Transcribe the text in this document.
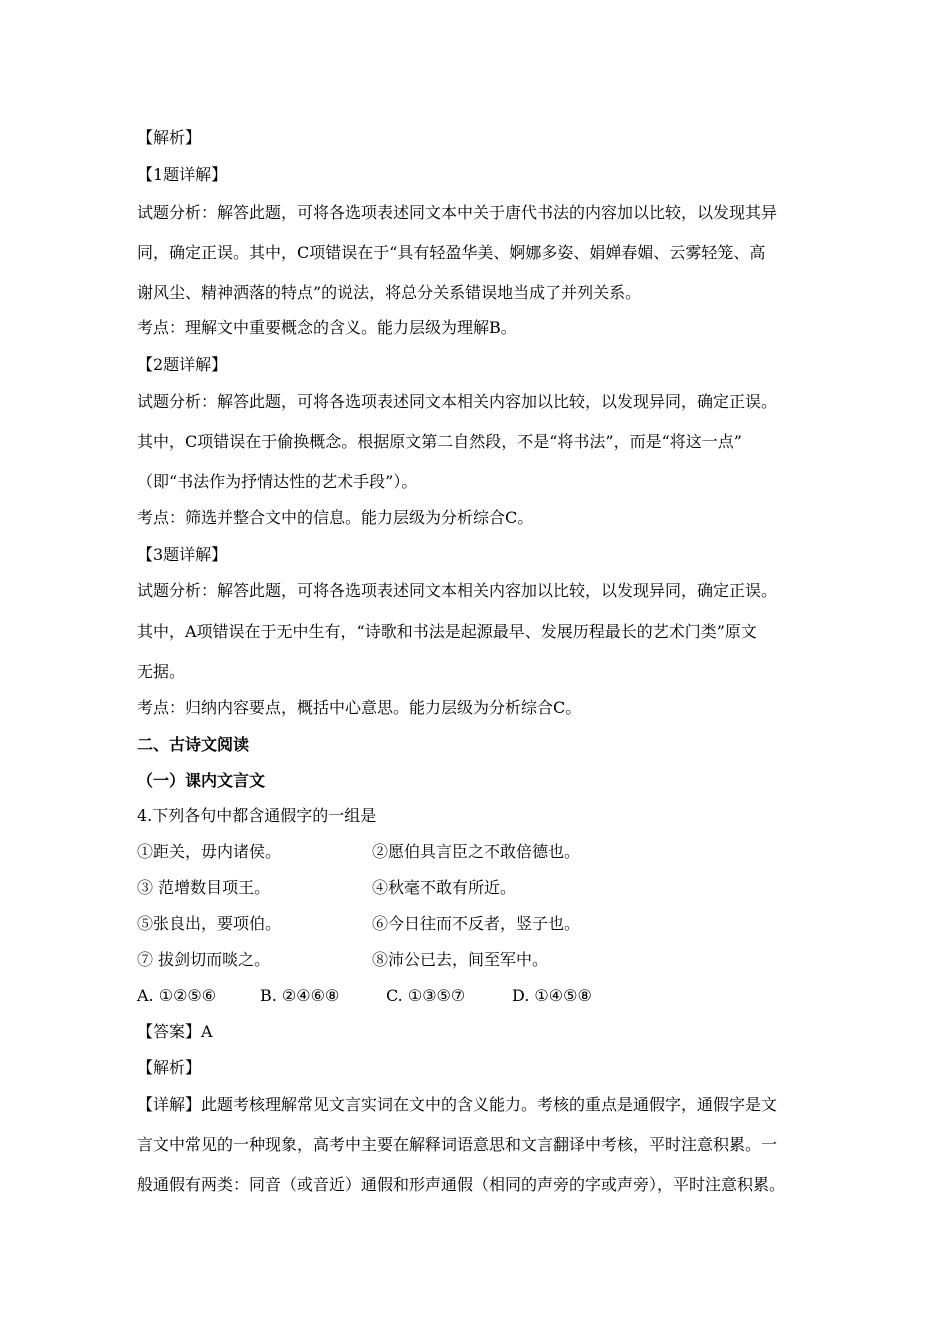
【解析】
【1题详解】
试题分析：解答此题，可将各选项表述同文本中关于唐代书法的内容加以比较，以发现其异
同，确定正误。其中，C项错误在于“具有轻盈华美、婀娜多姿、娟婵春媚、云雾轻笼、高
谢风尘、精神洒落的特点”的说法，将总分关系错误地当成了并列关系。
考点：理解文中重要概念的含义。能力层级为理解B。
【2题详解】
试题分析：解答此题，可将各选项表述同文本相关内容加以比较，以发现异同，确定正误。
其中，C项错误在于偷换概念。根据原文第二自然段，不是“将书法”，而是“将这一点”
（即“书法作为抒情达性的艺术手段”）。
考点：筛选并整合文中的信息。能力层级为分析综合C。
【3题详解】
试题分析：解答此题，可将各选项表述同文本相关内容加以比较，以发现异同，确定正误。
其中，A项错误在于无中生有，“诗歌和书法是起源最早、发展历程最长的艺术门类”原文
无据。
考点：归纳内容要点，概括中心意思。能力层级为分析综合C。
二、古诗文阅读
（一）课内文言文
4.下列各句中都含通假字的一组是
①距关，毋内诸侯。	②愿伯具言臣之不敢倍德也。
③ 范增数目项王。	④秋毫不敢有所近。
⑤张良出，要项伯。	⑥今日往而不反者，竖子也。
⑦ 拔剑切而啖之。	⑧沛公已去，间至军中。
A. ①②⑤⑥	B. ②④⑥⑧	C. ①③⑤⑦	D. ①④⑤⑧
【答案】A
【解析】
【详解】此题考核理解常见文言实词在文中的含义能力。考核的重点是通假字，通假字是文
言文中常见的一种现象，高考中主要在解释词语意思和文言翻译中考核，平时注意积累。一
般通假有两类：同音（或音近）通假和形声通假（相同的声旁的字或声旁），平时注意积累。
